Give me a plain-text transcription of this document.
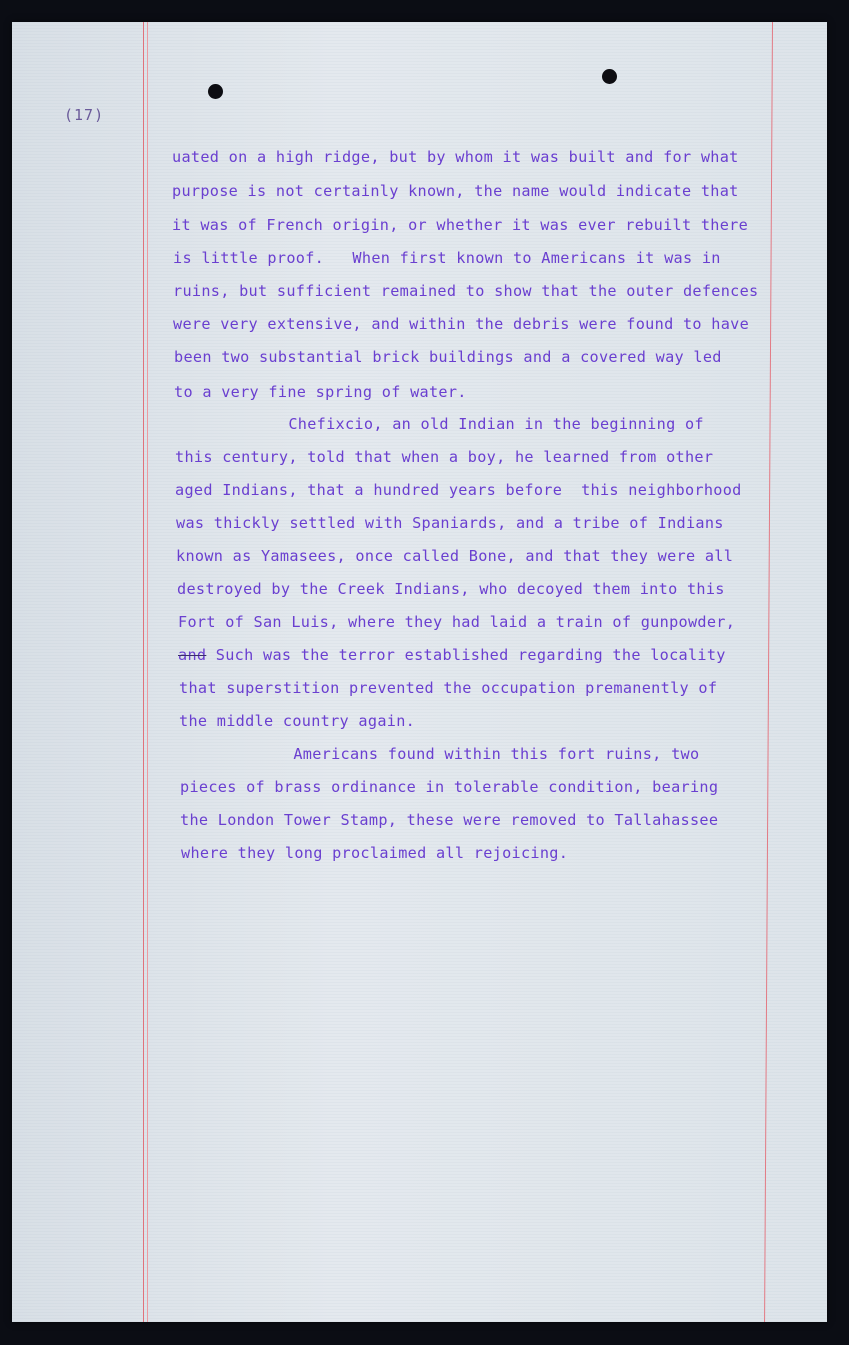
(17)

uated on a high ridge, but by whom it was built and for what

purpose is not certainly known, the name would indicate that

it was of French origin, or whether it was ever rebuilt there

is little proof.   When first known to Americans it was in

ruins, but sufficient remained to show that the outer defences

were very extensive, and within the debris were found to have

been two substantial brick buildings and a covered way led

to a very fine spring of water.

Chefixcio, an old Indian in the beginning of

this century, told that when a boy, he learned from other

aged Indians, that a hundred years before  this neighborhood

was thickly settled with Spaniards, and a tribe of Indians

known as Yamasees, once called Bone, and that they were all

destroyed by the Creek Indians, who decoyed them into this

Fort of San Luis, where they had laid a train of gunpowder,

and Such was the terror established regarding the locality

that superstition prevented the occupation premanently of

the middle country again.

Americans found within this fort ruins, two

pieces of brass ordinance in tolerable condition, bearing

the London Tower Stamp, these were removed to Tallahassee

where they long proclaimed all rejoicing.
